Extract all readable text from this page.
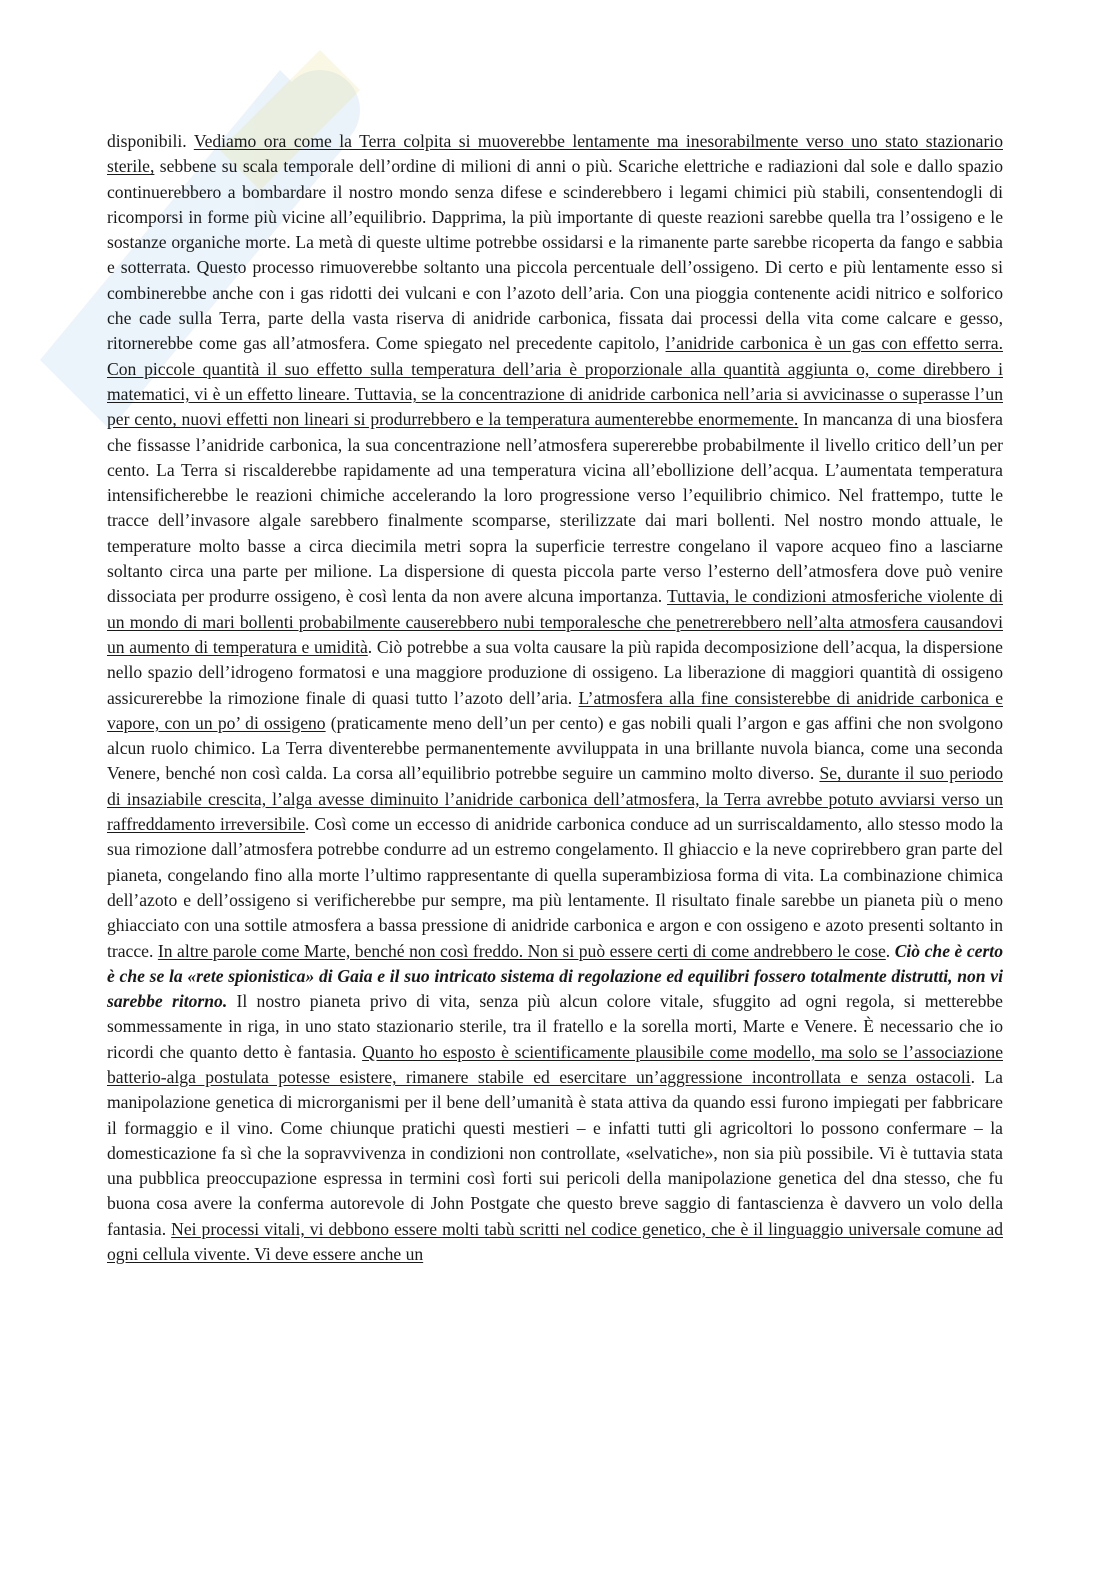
disponibili. Vediamo ora come la Terra colpita si muoverebbe lentamente ma inesorabilmente verso uno stato stazionario sterile, sebbene su scala temporale dell’ordine di milioni di anni o più. Scariche elettriche e radiazioni dal sole e dallo spazio continuerebbero a bombardare il nostro mondo senza difese e scinderebbero i legami chimici più stabili, consentendogli di ricomporsi in forme più vicine all’equilibrio. Dapprima, la più importante di queste reazioni sarebbe quella tra l’ossigeno e le sostanze organiche morte. La metà di queste ultime potrebbe ossidarsi e la rimanente parte sarebbe ricoperta da fango e sabbia e sotterrata. Questo processo rimuoverebbe soltanto una piccola percentuale dell’ossigeno. Di certo e più lentamente esso si combinerebbe anche con i gas ridotti dei vulcani e con l’azoto dell’aria. Con una pioggia contenente acidi nitrico e solforico che cade sulla Terra, parte della vasta riserva di anidride carbonica, fissata dai processi della vita come calcare e gesso, ritornerebbe come gas all’atmosfera. Come spiegato nel precedente capitolo, l’anidride carbonica è un gas con effetto serra. Con piccole quantità il suo effetto sulla temperatura dell’aria è proporzionale alla quantità aggiunta o, come direbbero i matematici, vi è un effetto lineare. Tuttavia, se la concentrazione di anidride carbonica nell’aria si avvicinasse o superasse l’un per cento, nuovi effetti non lineari si produrrebbero e la temperatura aumenterebbe enormemente. In mancanza di una biosfera che fissasse l’anidride carbonica, la sua concentrazione nell’atmosfera supererebbe probabilmente il livello critico dell’un per cento. La Terra si riscalderebbe rapidamente ad una temperatura vicina all’ebollizione dell’acqua. L’aumentata temperatura intensificherebbe le reazioni chimiche accelerando la loro progressione verso l’equilibrio chimico. Nel frattempo, tutte le tracce dell’invasore algale sarebbero finalmente scomparse, sterilizzate dai mari bollenti. Nel nostro mondo attuale, le temperature molto basse a circa diecimila metri sopra la superficie terrestre congelano il vapore acqueo fino a lasciarne soltanto circa una parte per milione. La dispersione di questa piccola parte verso l’esterno dell’atmosfera dove può venire dissociata per produrre ossigeno, è così lenta da non avere alcuna importanza. Tuttavia, le condizioni atmosferiche violente di un mondo di mari bollenti probabilmente causerebbero nubi temporalesche che penetrerebbero nell’alta atmosfera causandovi un aumento di temperatura e umidità. Ciò potrebbe a sua volta causare la più rapida decomposizione dell’acqua, la dispersione nello spazio dell’idrogeno formatosi e una maggiore produzione di ossigeno. La liberazione di maggiori quantità di ossigeno assicurerebbe la rimozione finale di quasi tutto l’azoto dell’aria. L’atmosfera alla fine consisterebbe di anidride carbonica e vapore, con un po’ di ossigeno (praticamente meno dell’un per cento) e gas nobili quali l’argon e gas affini che non svolgono alcun ruolo chimico. La Terra diventerebbe permanentemente avviluppata in una brillante nuvola bianca, come una seconda Venere, benché non così calda. La corsa all’equilibrio potrebbe seguire un cammino molto diverso. Se, durante il suo periodo di insaziabile crescita, l’alga avesse diminuito l’anidride carbonica dell’atmosfera, la Terra avrebbe potuto avviarsi verso un raffreddamento irreversibile. Così come un eccesso di anidride carbonica conduce ad un surriscaldamento, allo stesso modo la sua rimozione dall’atmosfera potrebbe condurre ad un estremo congelamento. Il ghiaccio e la neve coprirebbero gran parte del pianeta, congelando fino alla morte l’ultimo rappresentante di quella superambiziosa forma di vita. La combinazione chimica dell’azoto e dell’ossigeno si verificherebbe pur sempre, ma più lentamente. Il risultato finale sarebbe un pianeta più o meno ghiacciato con una sottile atmosfera a bassa pressione di anidride carbonica e argon e con ossigeno e azoto presenti soltanto in tracce. In altre parole come Marte, benché non così freddo. Non si può essere certi di come andrebbero le cose. Ciò che è certo è che se la «rete spionistica» di Gaia e il suo intricato sistema di regolazione ed equilibri fossero totalmente distrutti, non vi sarebbe ritorno. Il nostro pianeta privo di vita, senza più alcun colore vitale, sfuggito ad ogni regola, si metterebbe sommessamente in riga, in uno stato stazionario sterile, tra il fratello e la sorella morti, Marte e Venere. È necessario che io ricordi che quanto detto è fantasia. Quanto ho esposto è scientificamente plausibile come modello, ma solo se l’associazione batterio-alga postulata potesse esistere, rimanere stabile ed esercitare un’aggressione incontrollata e senza ostacoli. La manipolazione genetica di microrganismi per il bene dell’umanità è stata attiva da quando essi furono impiegati per fabbricare il formaggio e il vino. Come chiunque pratichi questi mestieri – e infatti tutti gli agricoltori lo possono confermare – la domesticazione fa sì che la sopravvivenza in condizioni non controllate, «selvatiche», non sia più possibile. Vi è tuttavia stata una pubblica preoccupazione espressa in termini così forti sui pericoli della manipolazione genetica del dna stesso, che fu buona cosa avere la conferma autorevole di John Postgate che questo breve saggio di fantascienza è davvero un volo della fantasia. Nei processi vitali, vi debbono essere molti tabù scritti nel codice genetico, che è il linguaggio universale comune ad ogni cellula vivente. Vi deve essere anche un
